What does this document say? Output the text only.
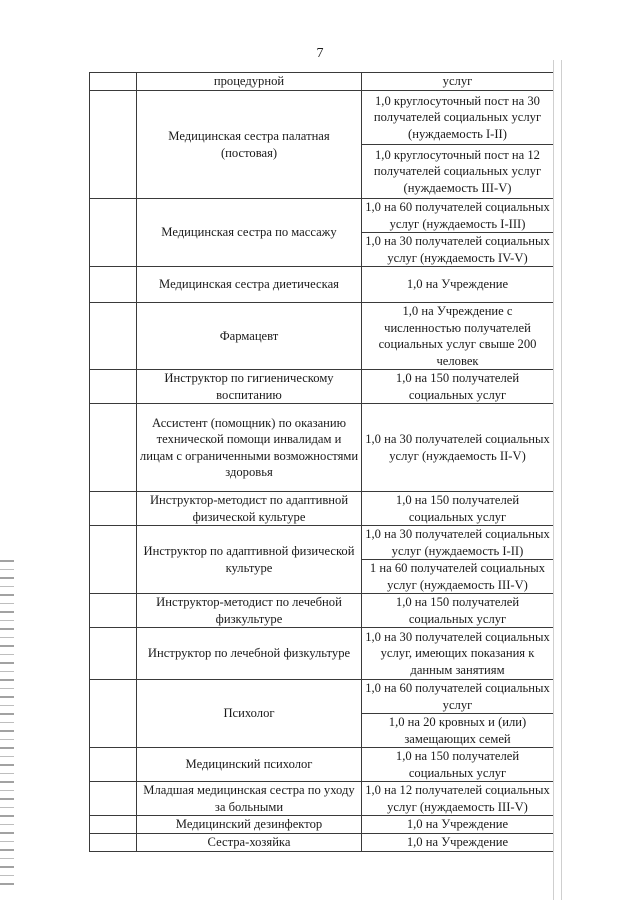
7
	процедурной	услуг
	Медицинская сестра палатная (постовая)	1,0 круглосуточный пост на 30 получателей социальных услуг (нуждаемость I-II)
		1,0 круглосуточный пост на 12 получателей социальных услуг (нуждаемость III-V)
	Медицинская сестра по массажу	1,0 на 60 получателей социальных услуг (нуждаемость I-III)
		1,0 на 30 получателей социальных услуг (нуждаемость IV-V)
	Медицинская сестра диетическая	1,0 на Учреждение
	Фармацевт	1,0 на Учреждение с численностью получателей социальных услуг свыше 200 человек
	Инструктор по гигиеническому воспитанию	1,0 на 150 получателей социальных услуг
	Ассистент (помощник) по оказанию технической помощи инвалидам и лицам с ограниченными возможностями здоровья	1,0 на 30 получателей социальных услуг (нуждаемость II-V)
	Инструктор-методист по адаптивной физической культуре	1,0 на 150 получателей социальных услуг
	Инструктор по адаптивной физической культуре	1,0 на 30 получателей социальных услуг (нуждаемость I-II)
		1 на 60 получателей социальных услуг (нуждаемость III-V)
	Инструктор-методист по лечебной физкультуре	1,0 на 150 получателей социальных услуг
	Инструктор по лечебной физкультуре	1,0 на 30 получателей социальных услуг, имеющих показания к данным занятиям
	Психолог	1,0 на 60 получателей социальных услуг
		1,0 на 20 кровных и (или) замещающих семей
	Медицинский психолог	1,0 на 150 получателей социальных услуг
	Младшая медицинская сестра по уходу за больными	1,0 на 12 получателей социальных услуг (нуждаемость III-V)
	Медицинский дезинфектор	1,0 на Учреждение
	Сестра-хозяйка	1,0 на Учреждение
